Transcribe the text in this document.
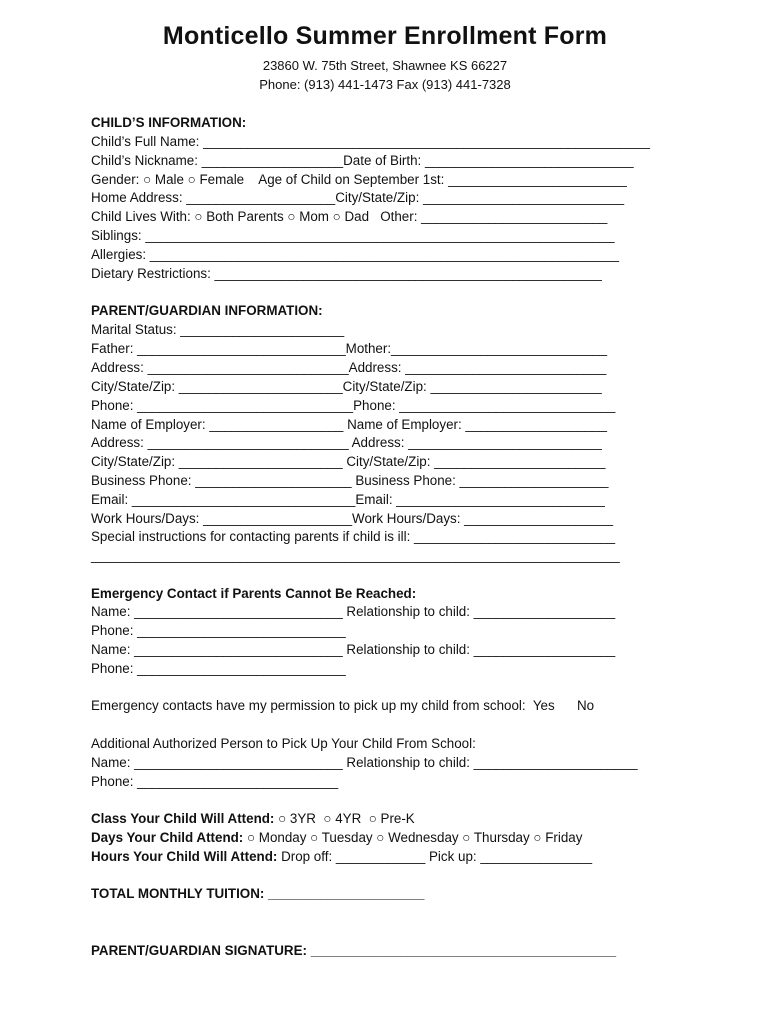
Monticello Summer Enrollment Form
23860 W. 75th Street, Shawnee KS 66227
Phone: (913) 441-1473 Fax (913) 441-7328
CHILD’S INFORMATION:
Child’s Full Name: ____________________________________________________________
Child’s Nickname: ___________________Date of Birth: ____________________________
Gender: ○ Male ○ Female    Age of Child on September 1st: ________________________
Home Address: ____________________City/State/Zip: ___________________________
Child Lives With: ○ Both Parents ○ Mom ○ Dad   Other: _________________________
Siblings: _______________________________________________________________
Allergies: _______________________________________________________________
Dietary Restrictions: ____________________________________________________
PARENT/GUARDIAN INFORMATION:
Marital Status: ______________________
Father: ____________________________Mother:_____________________________
Address: ___________________________Address: ___________________________
City/State/Zip: ______________________City/State/Zip: _______________________
Phone: _____________________________Phone: _____________________________
Name of Employer: __________________ Name of Employer: ___________________
Address: ___________________________ Address: __________________________
City/State/Zip: ______________________ City/State/Zip: _______________________
Business Phone: _____________________ Business Phone: ____________________
Email: ______________________________Email: ____________________________
Work Hours/Days: ____________________Work Hours/Days: ____________________
Special instructions for contacting parents if child is ill: ___________________________
_______________________________________________________________________
Emergency Contact if Parents Cannot Be Reached:
Name: ____________________________ Relationship to child: ___________________
Phone: ____________________________
Name: ____________________________ Relationship to child: ___________________
Phone: ____________________________
Emergency contacts have my permission to pick up my child from school:  Yes      No
Additional Authorized Person to Pick Up Your Child From School:
Name: ____________________________ Relationship to child: ______________________
Phone: ___________________________
Class Your Child Will Attend: ○ 3YR  ○ 4YR  ○ Pre-K
Days Your Child Attend: ○ Monday ○ Tuesday ○ Wednesday ○ Thursday ○ Friday
Hours Your Child Will Attend: Drop off: ____________ Pick up: _______________
TOTAL MONTHLY TUITION: _____________________
PARENT/GUARDIAN SIGNATURE: _________________________________________
